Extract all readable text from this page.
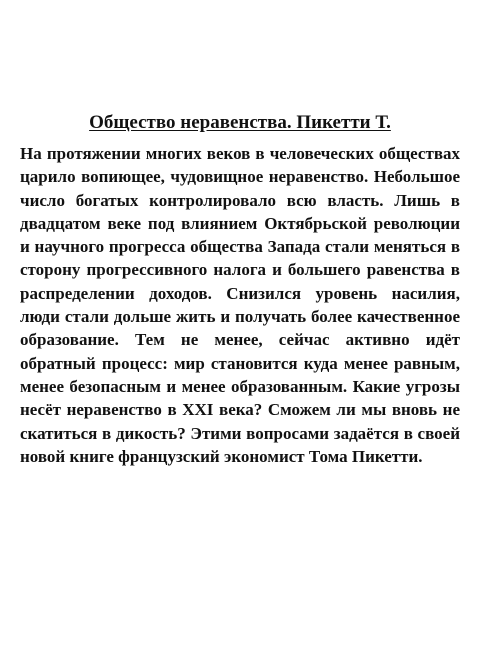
Общество неравенства. Пикетти Т.

На протяжении многих веков в человеческих обществах царило вопиющее, чудовищное неравенство. Небольшое число богатых контролировало всю власть. Лишь в двадцатом веке под влиянием Октябрьской революции и научного прогресса общества Запада стали меняться в сторону прогрессивного налога и большего равенства в распределении доходов. Снизился уровень насилия, люди стали дольше жить и получать более качественное образование. Тем не менее, сейчас активно идёт обратный процесс: мир становится куда менее равным, менее безопасным и менее образованным. Какие угрозы несёт неравенство в XXI века? Сможем ли мы вновь не скатиться в дикость? Этими вопросами задаётся в своей новой книге французский экономист Тома Пикетти.
